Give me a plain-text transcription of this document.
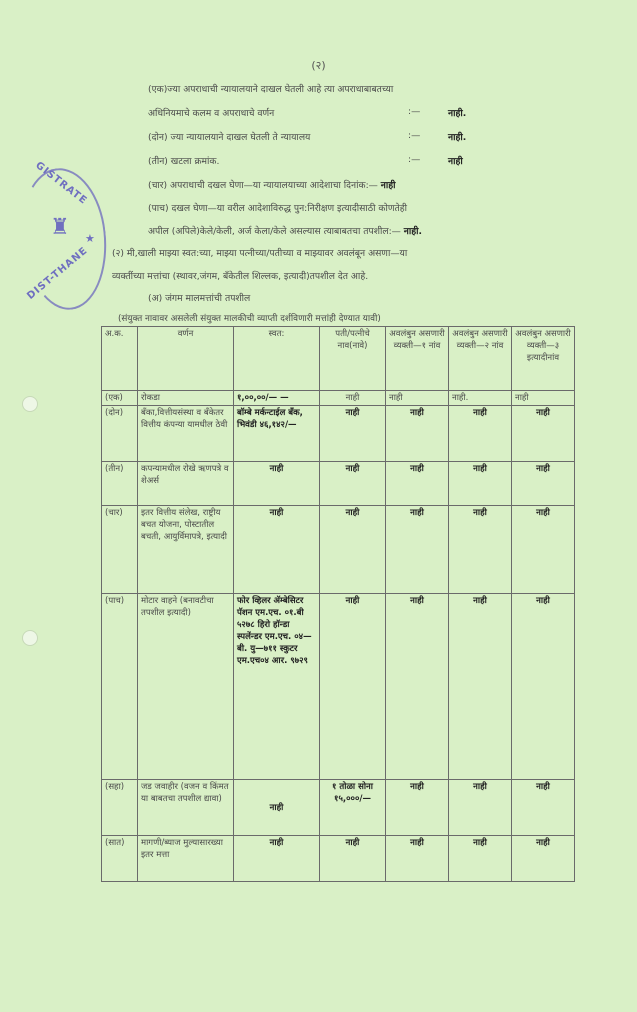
(२)
(एक)ज्या अपराधाची न्यायालयाने दाखल घेतली आहे त्या अपराधाबाबतच्या
अधिनियमाचे कलम व अपराधाचे वर्णन	:—	नाही.
(दोन) ज्या न्यायालयाने दाखल घेतली ते न्यायालय	:—	नाही.
(तीन) खटला क्रमांक.	:—	नाही
(चार) अपराधाची दखल घेणा—या न्यायालयाच्या आदेशाचा दिनांक:— नाही
(पाच) दखल घेणा—या वरील आदेशाविरुद्ध पुन:निरीक्षण इत्यादीसाठी कोणतेही
अपील (अपिले)केले/केली, अर्ज केला/केले असल्यास त्याबाबतचा तपशील:— नाही.
(२) मी,खाली माझ्या स्वत:च्या, माझ्या पत्नीच्या/पतीच्या व माझ्यावर अवलंबून असणा—या
व्यक्तींच्या मत्तांचा (स्थावर,जंगम, बँकेतील शिल्लक, इत्यादी)तपशील देत आहे.
(अ) जंगम मालमत्तांची तपशील
(संयुक्त नावावर असलेली संयुक्त मालकीची व्याप्ती दर्शविणारी मत्तांही देण्यात यावी)
GISTRATE
♜ ★
DIST-THANE
अ.क.	वर्णन	स्वत:	पती/पत्नीचे नाव(नावे)	अवलंबुन असणारी व्यक्ती—१ नांव	अवलंबुन असणारी व्यक्ती—२ नांव	अवलंबुन असणारी व्यक्ती—३ इत्यादीनांव
(एक)	रोकडा	१,००,००/— —	नाही	नाही	नाही.	नाही
(दोन)	बँका,वित्तीयसंस्था व बँकेतर वित्तीय कंपन्या यामधील ठेवी	बॉम्बे मर्कन्टाईल बँक, भिवंडी ४६,१४२/—	नाही	नाही	नाही	नाही
(तीन)	कपन्यामधील रोखे ऋणपत्रे व शेअर्स	नाही	नाही	नाही	नाही	नाही
(चार)	इतर वित्तीय संलेख, राष्ट्रीय बचत योजना, पोस्टातील बचती, आयुर्विमापत्रे, इत्यादी	नाही	नाही	नाही	नाही	नाही
(पाच)	मोटार वाहने (बनावटीचा तपशील इत्यादी)	फोर व्हिलर ॲम्बेसिटर पॅशन एम.एच. ०१.बी ५२७८ हिरो हॉन्डा स्पलेंन्डर एम.एच. ०४—बी. यु—७११ स्कुटर एम.एच०४ आर. ९७२९	नाही	नाही	नाही	नाही
(सहा)	जड जवाहीर (वजन व किंमत या बाबतचा तपशील द्यावा)	नाही	१ तोळा सोना १५,०००/—	नाही	नाही	नाही
(सात)	मागणी/ब्याज मुल्यासारख्या इतर मत्ता	नाही	नाही	नाही	नाही	नाही
